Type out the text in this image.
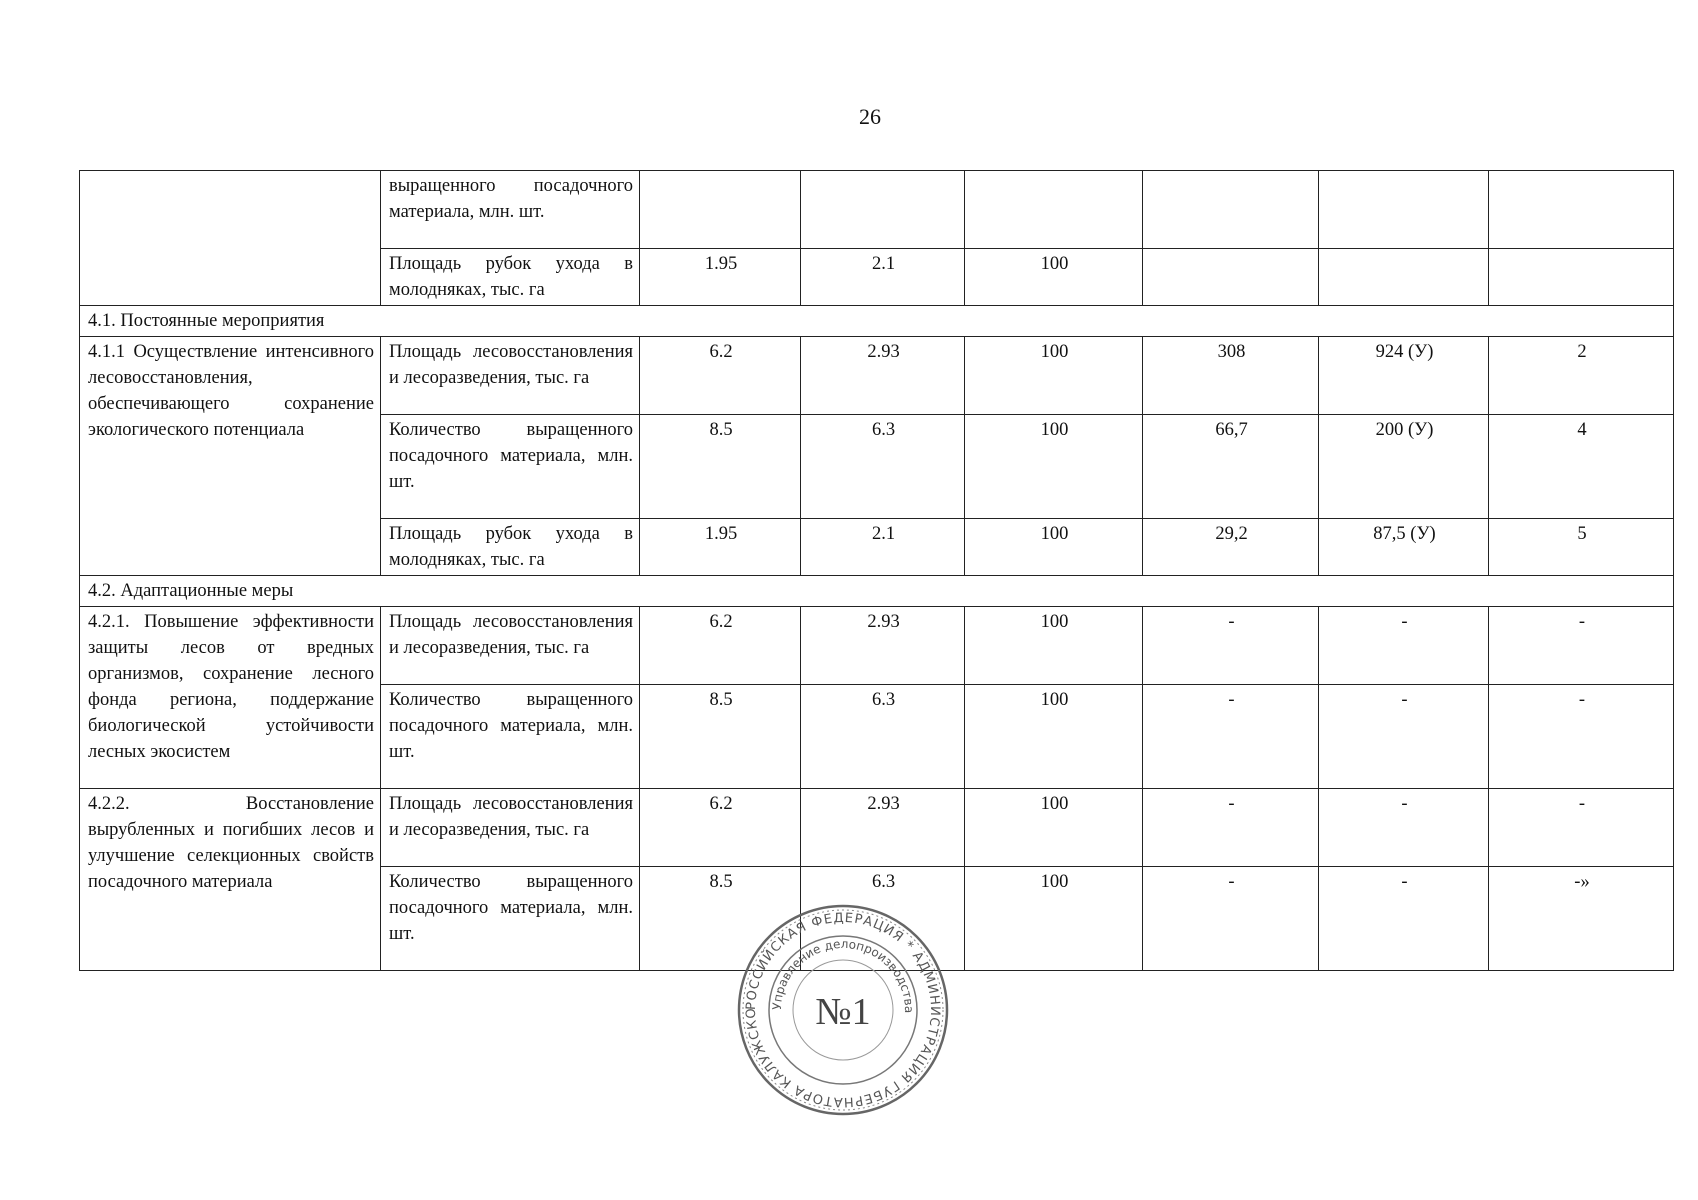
26
	выращенного посадочного материала, млн. шт.						
	Площадь рубок ухода в молодняках, тыс. га	1.95	2.1	100			
4.1. Постоянные мероприятия							
4.1.1 Осуществление интенсивного лесовосстановления, обеспечивающего сохранение экологического потенциала	Площадь лесовосстановления и лесоразведения, тыс. га	6.2	2.93	100	308	924 (У)	2
	Количество выращенного посадочного материала, млн. шт.	8.5	6.3	100	66,7	200 (У)	4
	Площадь рубок ухода в молодняках, тыс. га	1.95	2.1	100	29,2	87,5 (У)	5
4.2. Адаптационные меры							
4.2.1. Повышение эффективности защиты лесов от вредных организмов, сохранение лесного фонда региона, поддержание биологической устойчивости лесных экосистем	Площадь лесовосстановления и лесоразведения, тыс. га	6.2	2.93	100	-	-	-
	Количество выращенного посадочного материала, млн. шт.	8.5	6.3	100	-	-	-
4.2.2. Восстановление вырубленных и погибших лесов и улучшение селекционных свойств посадочного материала	Площадь лесовосстановления и лесоразведения, тыс. га	6.2	2.93	100	-	-	-
	Количество выращенного посадочного материала, млн. шт.	8.5	6.3	100	-	-	-»
РОССИЙСКАЯ ФЕДЕРАЦИЯ * АДМИНИСТРАЦИЯ ГУБЕРНАТОРА КАЛУЖСКО
Управление делопроизводства
№1
